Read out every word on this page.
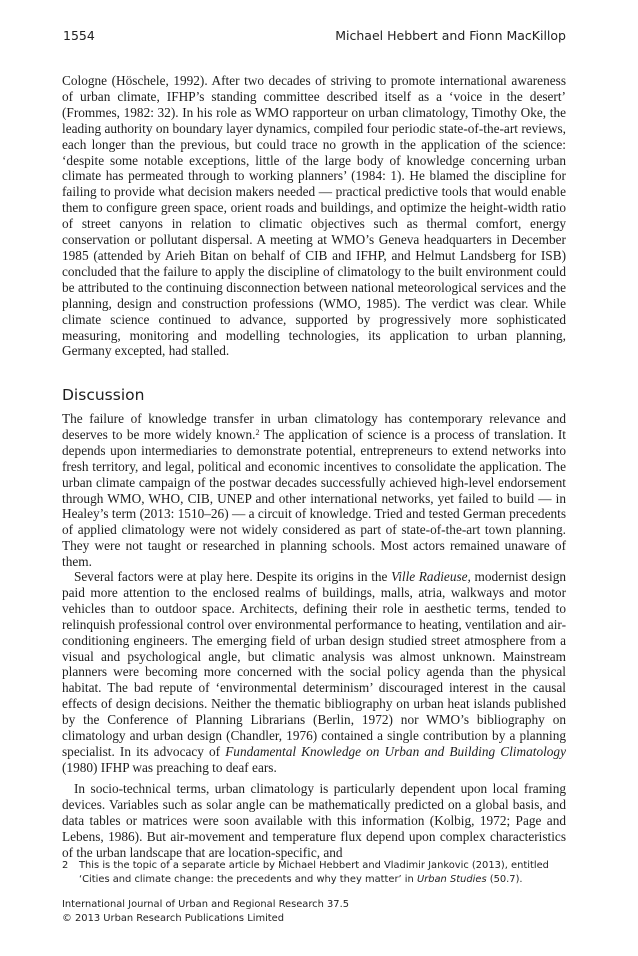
1554	Michael Hebbert and Fionn MacKillop

Cologne (Höschele, 1992). After two decades of striving to promote international awareness of urban climate, IFHP’s standing committee described itself as a ‘voice in the desert’ (Frommes, 1982: 32). In his role as WMO rapporteur on urban climatology, Timothy Oke, the leading authority on boundary layer dynamics, compiled four periodic state-of-the-art reviews, each longer than the previous, but could trace no growth in the application of the science: ‘despite some notable exceptions, little of the large body of knowledge concerning urban climate has permeated through to working planners’ (1984: 1). He blamed the discipline for failing to provide what decision makers needed — practical predictive tools that would enable them to configure green space, orient roads and buildings, and optimize the height-width ratio of street canyons in relation to climatic objectives such as thermal comfort, energy conservation or pollutant dispersal. A meeting at WMO’s Geneva headquarters in December 1985 (attended by Arieh Bitan on behalf of CIB and IFHP, and Helmut Landsberg for ISB) concluded that the failure to apply the discipline of climatology to the built environment could be attributed to the continuing disconnection between national meteorological services and the planning, design and construction professions (WMO, 1985). The verdict was clear. While climate science continued to advance, supported by progressively more sophisticated measuring, monitoring and modelling technologies, its application to urban planning, Germany excepted, had stalled.

Discussion

The failure of knowledge transfer in urban climatology has contemporary relevance and deserves to be more widely known.$^2$ The application of science is a process of translation. It depends upon intermediaries to demonstrate potential, entrepreneurs to extend networks into fresh territory, and legal, political and economic incentives to consolidate the application. The urban climate campaign of the postwar decades successfully achieved high-level endorsement through WMO, WHO, CIB, UNEP and other international networks, yet failed to build — in Healey’s term (2013: 1510–26) — a circuit of knowledge. Tried and tested German precedents of applied climatology were not widely considered as part of state-of-the-art town planning. They were not taught or researched in planning schools. Most actors remained unaware of them.

Several factors were at play here. Despite its origins in the Ville Radieuse, modernist design paid more attention to the enclosed realms of buildings, malls, atria, walkways and motor vehicles than to outdoor space. Architects, defining their role in aesthetic terms, tended to relinquish professional control over environmental performance to heating, ventilation and air-conditioning engineers. The emerging field of urban design studied street atmosphere from a visual and psychological angle, but climatic analysis was almost unknown. Mainstream planners were becoming more concerned with the social policy agenda than the physical habitat. The bad repute of ‘environmental determinism’ discouraged interest in the causal effects of design decisions. Neither the thematic bibliography on urban heat islands published by the Conference of Planning Librarians (Berlin, 1972) nor WMO’s bibliography on climatology and urban design (Chandler, 1976) contained a single contribution by a planning specialist. In its advocacy of Fundamental Knowledge on Urban and Building Climatology (1980) IFHP was preaching to deaf ears.

In socio-technical terms, urban climatology is particularly dependent upon local framing devices. Variables such as solar angle can be mathematically predicted on a global basis, and data tables or matrices were soon available with this information (Kolbig, 1972; Page and Lebens, 1986). But air-movement and temperature flux depend upon complex characteristics of the urban landscape that are location-specific, and

2 This is the topic of a separate article by Michael Hebbert and Vladimir Jankovic (2013), entitled ‘Cities and climate change: the precedents and why they matter’ in Urban Studies (50.7).
International Journal of Urban and Regional Research 37.5
© 2013 Urban Research Publications Limited
